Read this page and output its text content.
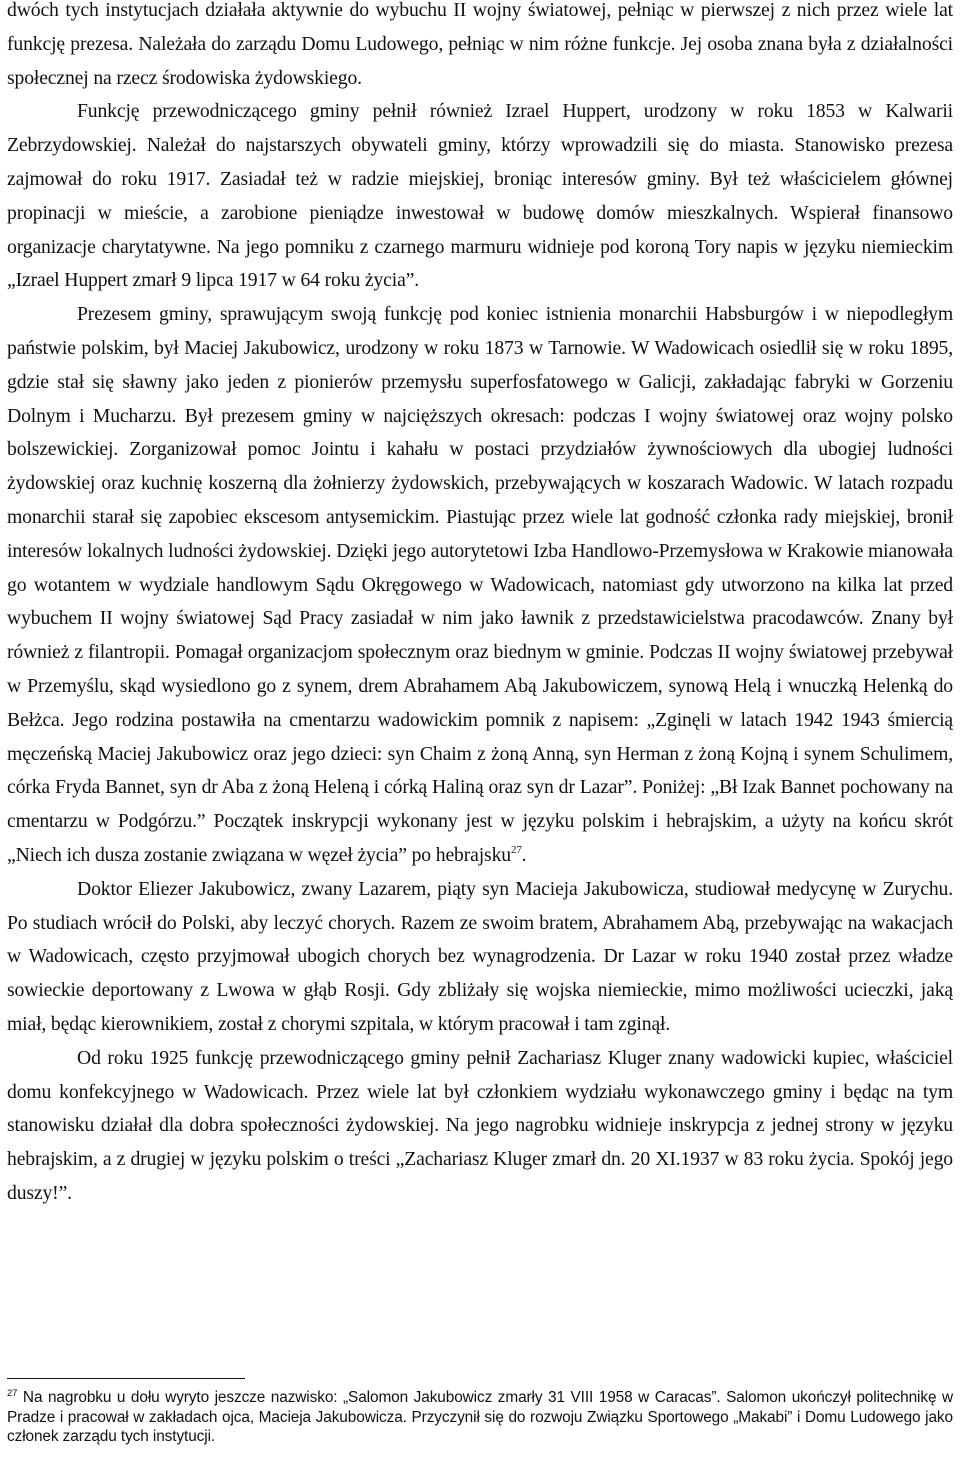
dwóch tych instytucjach działała aktywnie do wybuchu II wojny światowej, pełniąc w pierwszej z nich przez wiele lat funkcję prezesa. Należała do zarządu Domu Ludowego, pełniąc w nim różne funkcje. Jej osoba znana była z działalności społecznej na rzecz środowiska żydowskiego.

Funkcję przewodniczącego gminy pełnił również Izrael Huppert, urodzony w roku 1853 w Kalwarii Zebrzydowskiej. Należał do najstarszych obywateli gminy, którzy wprowadzili się do miasta. Stanowisko prezesa zajmował do roku 1917. Zasiadał też w radzie miejskiej, broniąc interesów gminy. Był też właścicielem głównej propinacji w mieście, a zarobione pieniądze inwestował w budowę domów mieszkalnych. Wspierał finansowo organizacje charytatywne. Na jego pomniku z czarnego marmuru widnieje pod koroną Tory napis w języku niemieckim „Izrael Huppert zmarł 9 lipca 1917 w 64 roku życia”.

Prezesem gminy, sprawującym swoją funkcję pod koniec istnienia monarchii Habsburgów i w niepodległym państwie polskim, był Maciej Jakubowicz, urodzony w roku 1873 w Tarnowie. W Wadowicach osiedlił się w roku 1895, gdzie stał się sławny jako jeden z pionierów przemysłu superfosfatowego w Galicji, zakładając fabryki w Gorzeniu Dolnym i Mucharzu. Był prezesem gminy w najcięższych okresach: podczas I wojny światowej oraz wojny polsko bolszewickiej. Zorganizował pomoc Jointu i kahału w postaci przydziałów żywnościowych dla ubogiej ludności żydowskiej oraz kuchnię koszerną dla żołnierzy żydowskich, przebywających w koszarach Wadowic. W latach rozpadu monarchii starał się zapobiec ekscesom antysemickim. Piastując przez wiele lat godność członka rady miejskiej, bronił interesów lokalnych ludności żydowskiej. Dzięki jego autorytetowi Izba Handlowo-Przemysłowa w Krakowie mianowała go wotantem w wydziale handlowym Sądu Okręgowego w Wadowicach, natomiast gdy utworzono na kilka lat przed wybuchem II wojny światowej Sąd Pracy zasiadał w nim jako ławnik z przedstawicielstwa pracodawców. Znany był również z filantropii. Pomagał organizacjom społecznym oraz biednym w gminie. Podczas II wojny światowej przebywał w Przemyślu, skąd wysiedlono go z synem, drem Abrahamem Abą Jakubowiczem, synową Helą i wnuczką Helenką do Bełżca. Jego rodzina postawiła na cmentarzu wadowickim pomnik z napisem: „Zginęli w latach 1942 1943 śmiercią męczeńską Maciej Jakubowicz oraz jego dzieci: syn Chaim z żoną Anną, syn Herman z żoną Kojną i synem Schulimem, córka Fryda Bannet, syn dr Aba z żoną Heleną i córką Haliną oraz syn dr Lazar”. Poniżej: „Bł Izak Bannet pochowany na cmentarzu w Podgórzu.” Początek inskrypcji wykonany jest w języku polskim i hebrajskim, a użyty na końcu skrót „Niech ich dusza zostanie związana w węzeł życia” po hebrajsku$^{27}$.

Doktor Eliezer Jakubowicz, zwany Lazarem, piąty syn Macieja Jakubowicza, studiował medycynę w Zurychu. Po studiach wrócił do Polski, aby leczyć chorych. Razem ze swoim bratem, Abrahamem Abą, przebywając na wakacjach w Wadowicach, często przyjmował ubogich chorych bez wynagrodzenia. Dr Lazar w roku 1940 został przez władze sowieckie deportowany z Lwowa w głąb Rosji. Gdy zbliżały się wojska niemieckie, mimo możliwości ucieczki, jaką miał, będąc kierownikiem, został z chorymi szpitala, w którym pracował i tam zginął.

Od roku 1925 funkcję przewodniczącego gminy pełnił Zachariasz Kluger znany wadowicki kupiec, właściciel domu konfekcyjnego w Wadowicach. Przez wiele lat był członkiem wydziału wykonawczego gminy i będąc na tym stanowisku działał dla dobra społeczności żydowskiej. Na jego nagrobku widnieje inskrypcja z jednej strony w języku hebrajskim, a z drugiej w języku polskim o treści „Zachariasz Kluger zmarł dn. 20 XI.1937 w 83 roku życia. Spokój jego duszy!”.

$^{27}$ Na nagrobku u dołu wyryto jeszcze nazwisko: „Salomon Jakubowicz zmarły 31 VIII 1958 w Caracas”. Salomon ukończył politechnikę w Pradze i pracował w zakładach ojca, Macieja Jakubowicza. Przyczynił się do rozwoju Związku Sportowego „Makabi” i Domu Ludowego jako członek zarządu tych instytucji.
